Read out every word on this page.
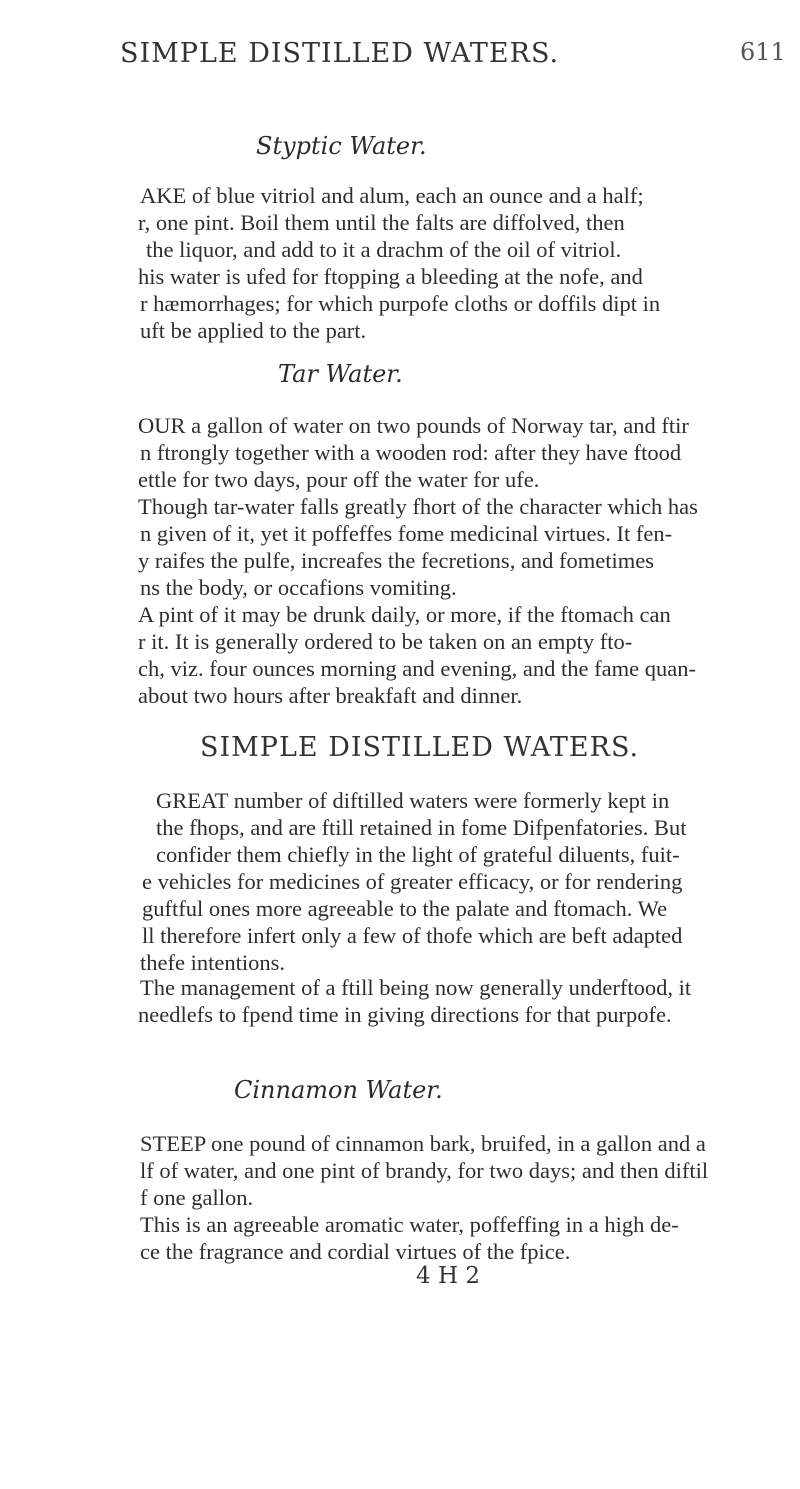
SIMPLE DISTILLED WATERS.	611
Styptic Water.
AKE of blue vitriol and alum, each an ounce and a half;
r, one pint. Boil them until the falts are diffolved, then
the liquor, and add to it a drachm of the oil of vitriol.
his water is ufed for ftopping a bleeding at the nofe, and
r hæmorrhages; for which purpofe cloths or doffils dipt in
uft be applied to the part.
Tar Water.
OUR a gallon of water on two pounds of Norway tar, and ftir
n ftrongly together with a wooden rod: after they have ftood
ettle for two days, pour off the water for ufe.
Though tar-water falls greatly fhort of the character which has
n given of it, yet it poffeffes fome medicinal virtues. It fen-
y raifes the pulfe, increafes the fecretions, and fometimes
ns the body, or occafions vomiting.
A pint of it may be drunk daily, or more, if the ftomach can
r it. It is generally ordered to be taken on an empty fto-
ch, viz. four ounces morning and evening, and the fame quan-
about two hours after breakfaft and dinner.
SIMPLE DISTILLED WATERS.
GREAT number of diftilled waters were formerly kept in
the fhops, and are ftill retained in fome Difpenfatories. But
confider them chiefly in the light of grateful diluents, fuit-
e vehicles for medicines of greater efficacy, or for rendering
guftful ones more agreeable to the palate and ftomach. We
ll therefore infert only a few of thofe which are beft adapted
thefe intentions.
The management of a ftill being now generally underftood, it
needlefs to fpend time in giving directions for that purpofe.
Cinnamon Water.
STEEP one pound of cinnamon bark, bruifed, in a gallon and a
lf of water, and one pint of brandy, for two days; and then diftil
f one gallon.
This is an agreeable aromatic water, poffeffing in a high de-
ce the fragrance and cordial virtues of the fpice.
4 H 2
